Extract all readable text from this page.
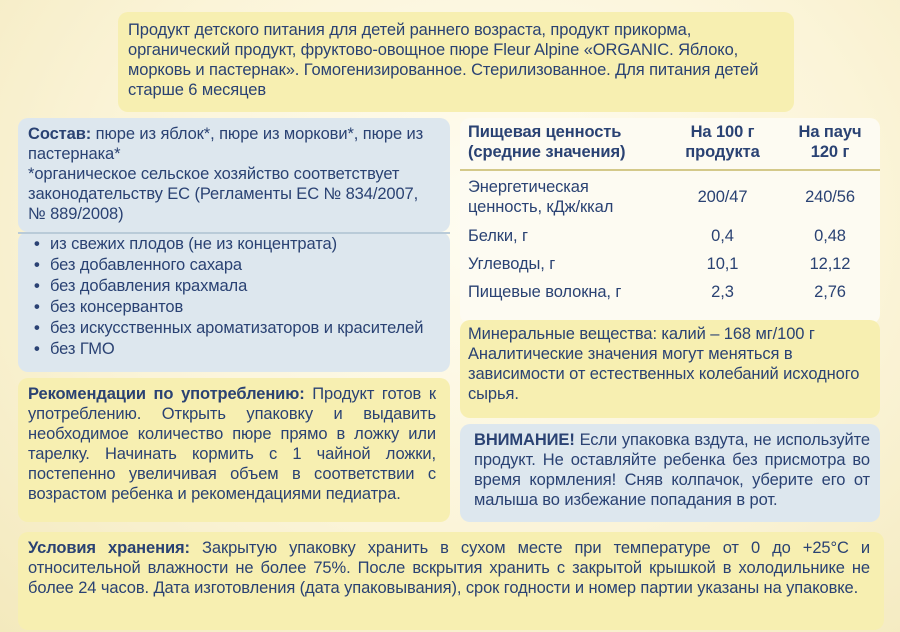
Продукт детского питания для детей раннего возраста, продукт прикорма, органический продукт, фруктово-овощное пюре Fleur Alpine «ORGANIC. Яблоко, морковь и пастернак». Гомогенизированное. Стерилизованное. Для питания детей старше 6 месяцев

Состав: пюре из яблок*, пюре из моркови*, пюре из пастернака*

*органическое сельское хозяйство соответствует законодательству ЕС (Регламенты ЕС № 834/2007, № 889/2008)

• из свежих плодов (не из концентрата)
• без добавленного сахара
• без добавления крахмала
• без консервантов
• без искусственных ароматизаторов и красителей
• без ГМО

Рекомендации по употреблению: Продукт готов к употреблению. Открыть упаковку и выдавить необходимое количество пюре прямо в ложку или тарелку. Начинать кормить с 1 чайной ложки, постепенно увеличивая объем в соответствии с возрастом ребенка и рекомендациями педиатра.

Пищевая ценность
(средние значения)	На 100 г
продукта	На пауч
120 г
Энергетическая
ценность, кДж/ккал	200/47	240/56
Белки, г	0,4	0,48
Углеводы, г	10,1	12,12
Пищевые волокна, г	2,3	2,76

Минеральные вещества: калий – 168 мг/100 г Аналитические значения могут меняться в зависимости от естественных колебаний исходного сырья.

ВНИМАНИЕ! Если упаковка вздута, не используйте продукт. Не оставляйте ребенка без присмотра во время кормления! Сняв колпачок, уберите его от малыша во избежание попадания в рот.

Условия хранения: Закрытую упаковку хранить в сухом месте при температуре от 0 до +25°С и относительной влажности не более 75%. После вскрытия хранить с закрытой крышкой в холодильнике не более 24 часов. Дата изготовления (дата упаковывания), срок годности и номер партии указаны на упаковке.
